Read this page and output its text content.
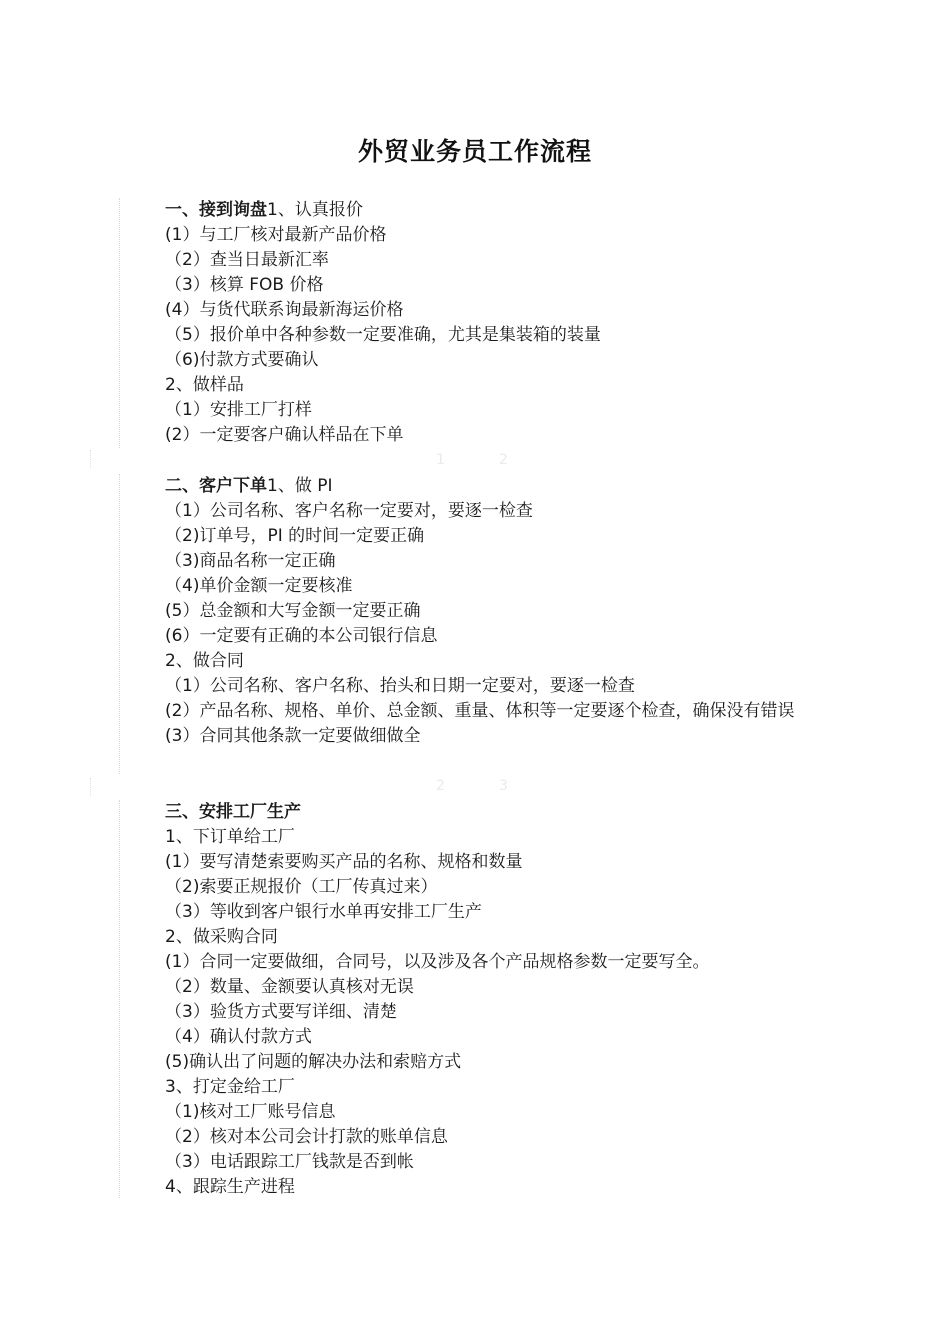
外贸业务员工作流程
1	2
2	3
一、接到询盘1、认真报价
(1）与工厂核对最新产品价格
（2）查当日最新汇率
（3）核算 FOB 价格
(4）与货代联系询最新海运价格
（5）报价单中各种参数一定要准确，尤其是集装箱的装量
（6)付款方式要确认
2、做样品
（1）安排工厂打样
(2）一定要客户确认样品在下单
二、客户下单1、做 PI
（1）公司名称、客户名称一定要对，要逐一检查
（2)订单号，PI 的时间一定要正确
（3)商品名称一定正确
（4)单价金额一定要核准
(5）总金额和大写金额一定要正确
(6）一定要有正确的本公司银行信息
2、做合同
（1）公司名称、客户名称、抬头和日期一定要对，要逐一检查
(2）产品名称、规格、单价、总金额、重量、体积等一定要逐个检查，确保没有错误
(3）合同其他条款一定要做细做全
三、安排工厂生产
1、下订单给工厂
(1）要写清楚索要购买产品的名称、规格和数量
（2)索要正规报价（工厂传真过来）
（3）等收到客户银行水单再安排工厂生产
2、做采购合同
(1）合同一定要做细，合同号，以及涉及各个产品规格参数一定要写全。
（2）数量、金额要认真核对无误
（3）验货方式要写详细、清楚
（4）确认付款方式
(5)确认出了问题的解决办法和索赔方式
3、打定金给工厂
（1)核对工厂账号信息
（2）核对本公司会计打款的账单信息
（3）电话跟踪工厂钱款是否到帐
4、跟踪生产进程
